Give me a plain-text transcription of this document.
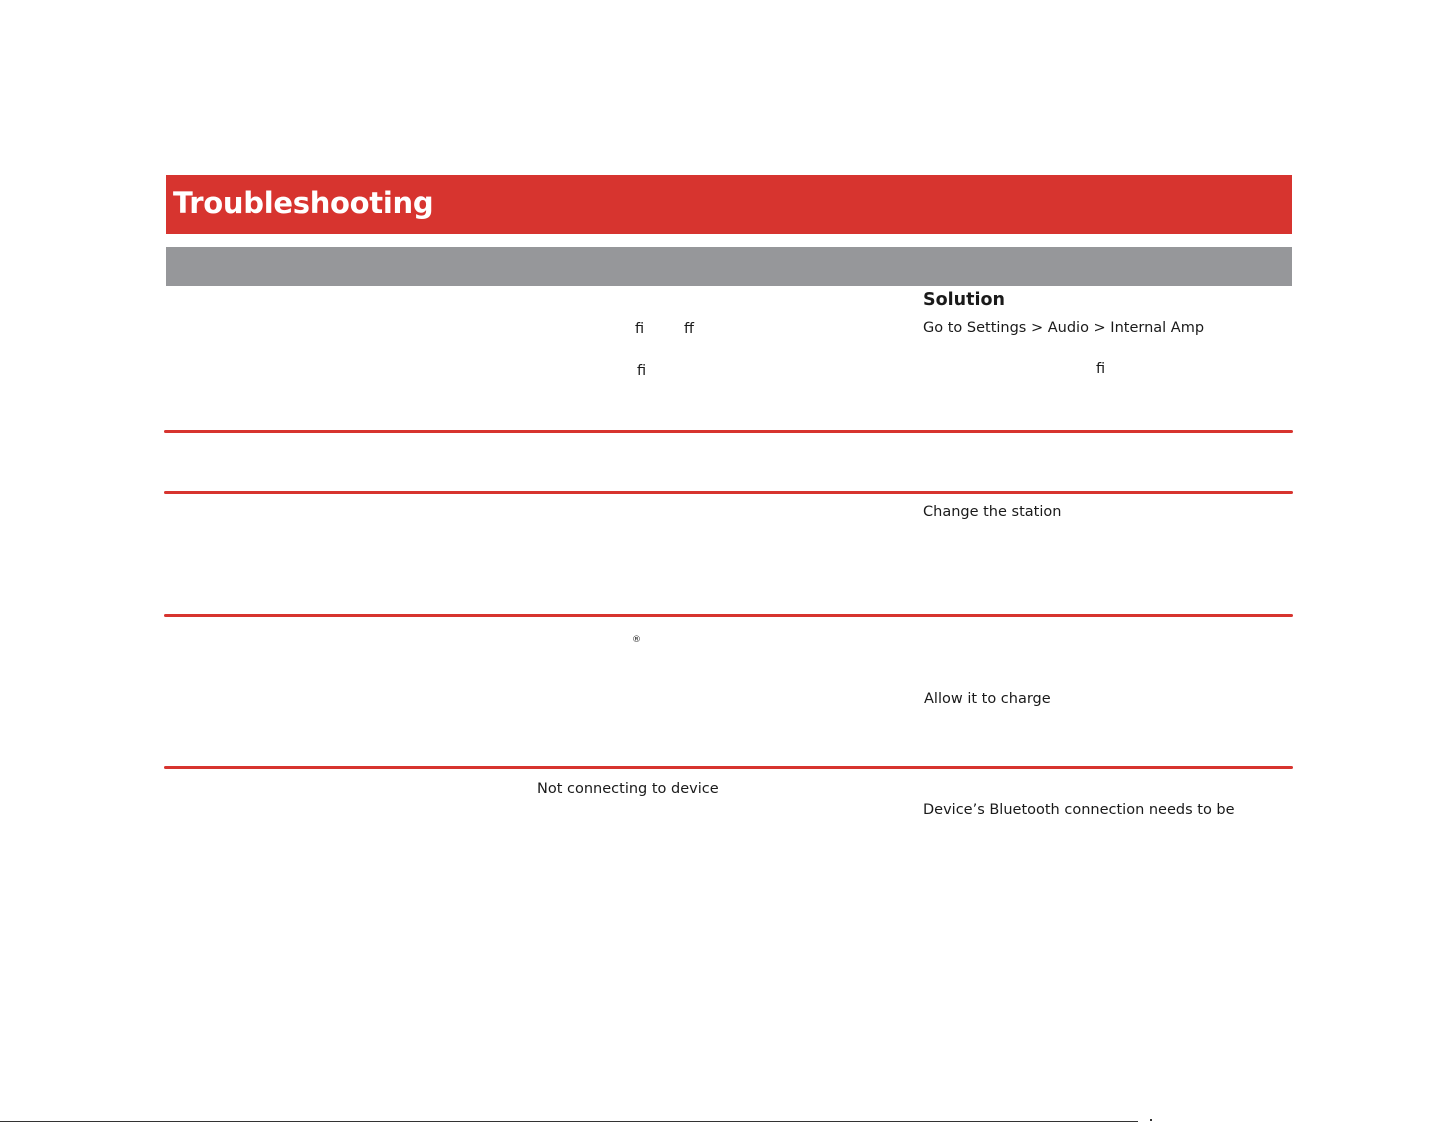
Troubleshooting
Solution
ﬁ	ﬀ
ﬁ
Go to Settings > Audio > Internal Amp
ﬁ
Change the station
®
Allow it to charge
Not connecting to device
Device’s Bluetooth connection needs to be
